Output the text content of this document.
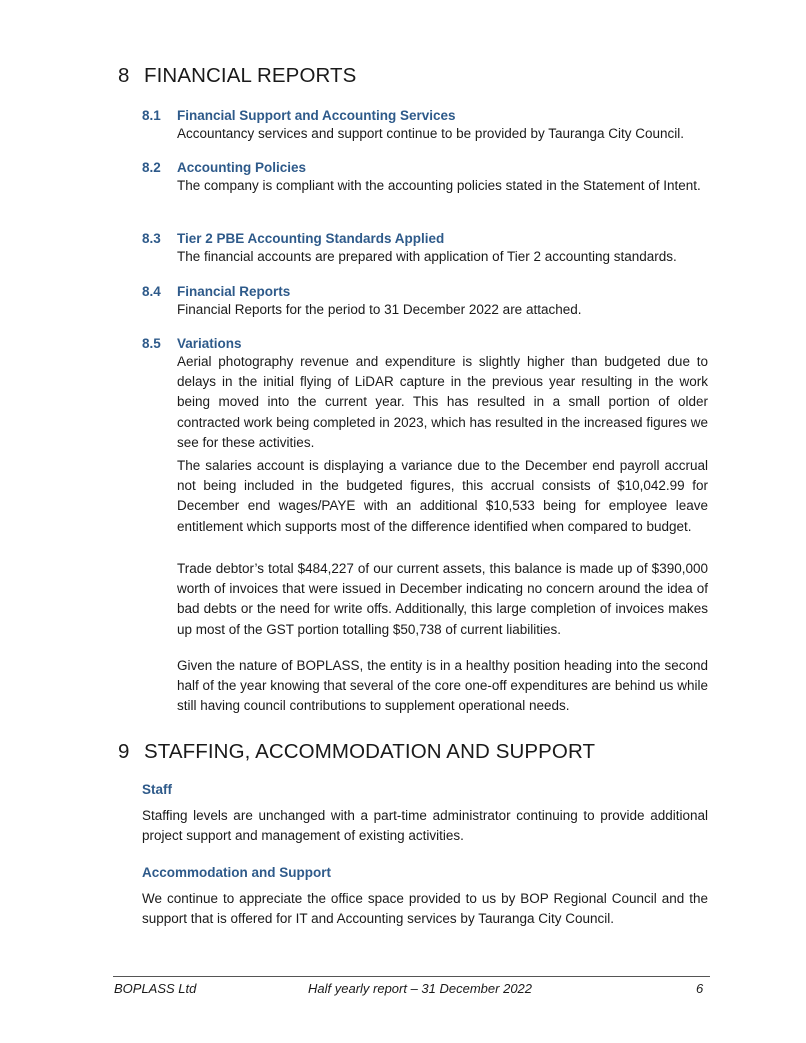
8 FINANCIAL REPORTS
8.1 Financial Support and Accounting Services

Accountancy services and support continue to be provided by Tauranga City Council.

8.2 Accounting Policies

The company is compliant with the accounting policies stated in the Statement of Intent.

8.3 Tier 2 PBE Accounting Standards Applied

The financial accounts are prepared with application of Tier 2 accounting standards.

8.4 Financial Reports

Financial Reports for the period to 31 December 2022 are attached.

8.5 Variations

Aerial photography revenue and expenditure is slightly higher than budgeted due to delays in the initial flying of LiDAR capture in the previous year resulting in the work being moved into the current year. This has resulted in a small portion of older contracted work being completed in 2023, which has resulted in the increased figures we see for these activities.

The salaries account is displaying a variance due to the December end payroll accrual not being included in the budgeted figures, this accrual consists of $10,042.99 for December end wages/PAYE with an additional $10,533 being for employee leave entitlement which supports most of the difference identified when compared to budget.

Trade debtor’s total $484,227 of our current assets, this balance is made up of $390,000 worth of invoices that were issued in December indicating no concern around the idea of bad debts or the need for write offs. Additionally, this large completion of invoices makes up most of the GST portion totalling $50,738 of current liabilities.

Given the nature of BOPLASS, the entity is in a healthy position heading into the second half of the year knowing that several of the core one-off expenditures are behind us while still having council contributions to supplement operational needs.

9 STAFFING, ACCOMMODATION AND SUPPORT
Staff

Staffing levels are unchanged with a part-time administrator continuing to provide additional project support and management of existing activities.

Accommodation and Support

We continue to appreciate the office space provided to us by BOP Regional Council and the support that is offered for IT and Accounting services by Tauranga City Council.

BOPLASS Ltd	Half yearly report – 31 December 2022	6
